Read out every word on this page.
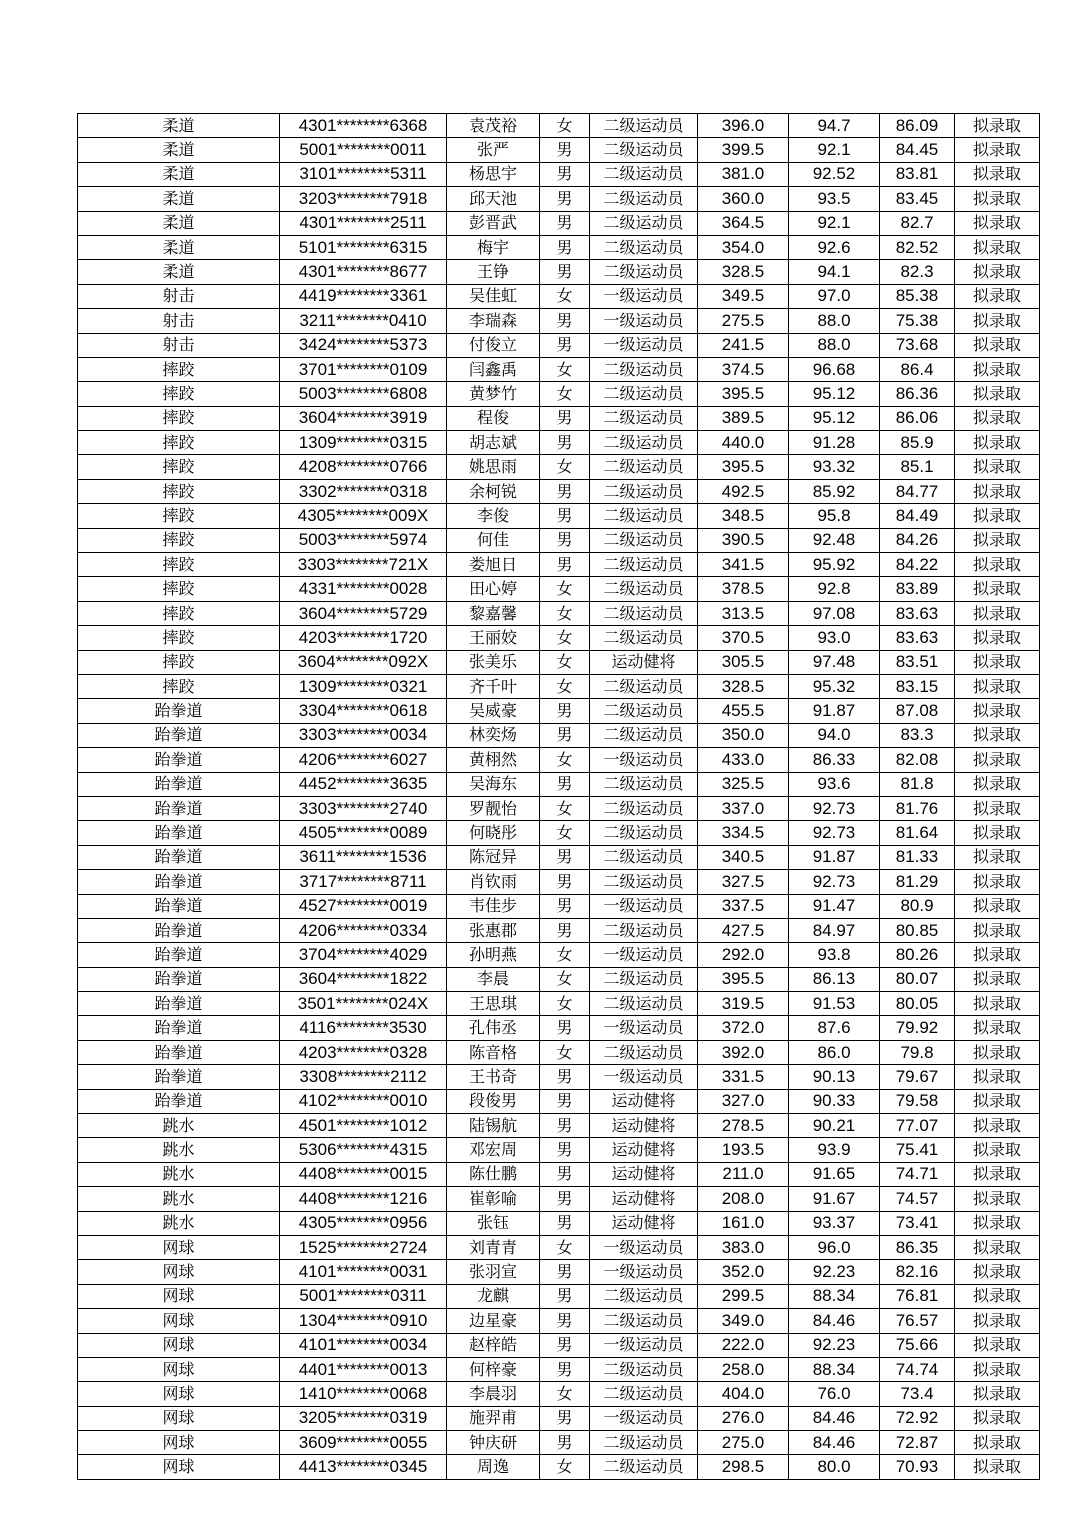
柔道	4301********6368	袁茂裕	女	二级运动员	396.0	94.7	86.09	拟录取
柔道	5001********0011	张严	男	二级运动员	399.5	92.1	84.45	拟录取
柔道	3101********5311	杨思宇	男	二级运动员	381.0	92.52	83.81	拟录取
柔道	3203********7918	邱天池	男	二级运动员	360.0	93.5	83.45	拟录取
柔道	4301********2511	彭晋武	男	二级运动员	364.5	92.1	82.7	拟录取
柔道	5101********6315	梅宇	男	二级运动员	354.0	92.6	82.52	拟录取
柔道	4301********8677	王铮	男	二级运动员	328.5	94.1	82.3	拟录取
射击	4419********3361	吴佳虹	女	一级运动员	349.5	97.0	85.38	拟录取
射击	3211********0410	李瑞森	男	一级运动员	275.5	88.0	75.38	拟录取
射击	3424********5373	付俊立	男	一级运动员	241.5	88.0	73.68	拟录取
摔跤	3701********0109	闫鑫禹	女	二级运动员	374.5	96.68	86.4	拟录取
摔跤	5003********6808	黄梦竹	女	二级运动员	395.5	95.12	86.36	拟录取
摔跤	3604********3919	程俊	男	二级运动员	389.5	95.12	86.06	拟录取
摔跤	1309********0315	胡志斌	男	二级运动员	440.0	91.28	85.9	拟录取
摔跤	4208********0766	姚思雨	女	二级运动员	395.5	93.32	85.1	拟录取
摔跤	3302********0318	余柯锐	男	二级运动员	492.5	85.92	84.77	拟录取
摔跤	4305********009X	李俊	男	二级运动员	348.5	95.8	84.49	拟录取
摔跤	5003********5974	何佳	男	二级运动员	390.5	92.48	84.26	拟录取
摔跤	3303********721X	娄旭日	男	二级运动员	341.5	95.92	84.22	拟录取
摔跤	4331********0028	田心婷	女	二级运动员	378.5	92.8	83.89	拟录取
摔跤	3604********5729	黎嘉馨	女	二级运动员	313.5	97.08	83.63	拟录取
摔跤	4203********1720	王丽姣	女	二级运动员	370.5	93.0	83.63	拟录取
摔跤	3604********092X	张美乐	女	运动健将	305.5	97.48	83.51	拟录取
摔跤	1309********0321	齐千叶	女	二级运动员	328.5	95.32	83.15	拟录取
跆拳道	3304********0618	吴威豪	男	二级运动员	455.5	91.87	87.08	拟录取
跆拳道	3303********0034	林奕炀	男	二级运动员	350.0	94.0	83.3	拟录取
跆拳道	4206********6027	黄栩然	女	一级运动员	433.0	86.33	82.08	拟录取
跆拳道	4452********3635	吴海东	男	二级运动员	325.5	93.6	81.8	拟录取
跆拳道	3303********2740	罗靓怡	女	二级运动员	337.0	92.73	81.76	拟录取
跆拳道	4505********0089	何晓彤	女	二级运动员	334.5	92.73	81.64	拟录取
跆拳道	3611********1536	陈冠异	男	二级运动员	340.5	91.87	81.33	拟录取
跆拳道	3717********8711	肖钦雨	男	二级运动员	327.5	92.73	81.29	拟录取
跆拳道	4527********0019	韦佳步	男	一级运动员	337.5	91.47	80.9	拟录取
跆拳道	4206********0334	张惠郡	男	二级运动员	427.5	84.97	80.85	拟录取
跆拳道	3704********4029	孙明燕	女	一级运动员	292.0	93.8	80.26	拟录取
跆拳道	3604********1822	李晨	女	二级运动员	395.5	86.13	80.07	拟录取
跆拳道	3501********024X	王思琪	女	二级运动员	319.5	91.53	80.05	拟录取
跆拳道	4116********3530	孔伟丞	男	一级运动员	372.0	87.6	79.92	拟录取
跆拳道	4203********0328	陈音格	女	二级运动员	392.0	86.0	79.8	拟录取
跆拳道	3308********2112	王书奇	男	一级运动员	331.5	90.13	79.67	拟录取
跆拳道	4102********0010	段俊男	男	运动健将	327.0	90.33	79.58	拟录取
跳水	4501********1012	陆锡航	男	运动健将	278.5	90.21	77.07	拟录取
跳水	5306********4315	邓宏周	男	运动健将	193.5	93.9	75.41	拟录取
跳水	4408********0015	陈仕鹏	男	运动健将	211.0	91.65	74.71	拟录取
跳水	4408********1216	崔彰喻	男	运动健将	208.0	91.67	74.57	拟录取
跳水	4305********0956	张钰	男	运动健将	161.0	93.37	73.41	拟录取
网球	1525********2724	刘青青	女	一级运动员	383.0	96.0	86.35	拟录取
网球	4101********0031	张羽宣	男	一级运动员	352.0	92.23	82.16	拟录取
网球	5001********0311	龙麒	男	二级运动员	299.5	88.34	76.81	拟录取
网球	1304********0910	边星豪	男	二级运动员	349.0	84.46	76.57	拟录取
网球	4101********0034	赵梓皓	男	一级运动员	222.0	92.23	75.66	拟录取
网球	4401********0013	何梓豪	男	二级运动员	258.0	88.34	74.74	拟录取
网球	1410********0068	李晨羽	女	二级运动员	404.0	76.0	73.4	拟录取
网球	3205********0319	施羿甫	男	一级运动员	276.0	84.46	72.92	拟录取
网球	3609********0055	钟庆研	男	二级运动员	275.0	84.46	72.87	拟录取
网球	4413********0345	周逸	女	二级运动员	298.5	80.0	70.93	拟录取
